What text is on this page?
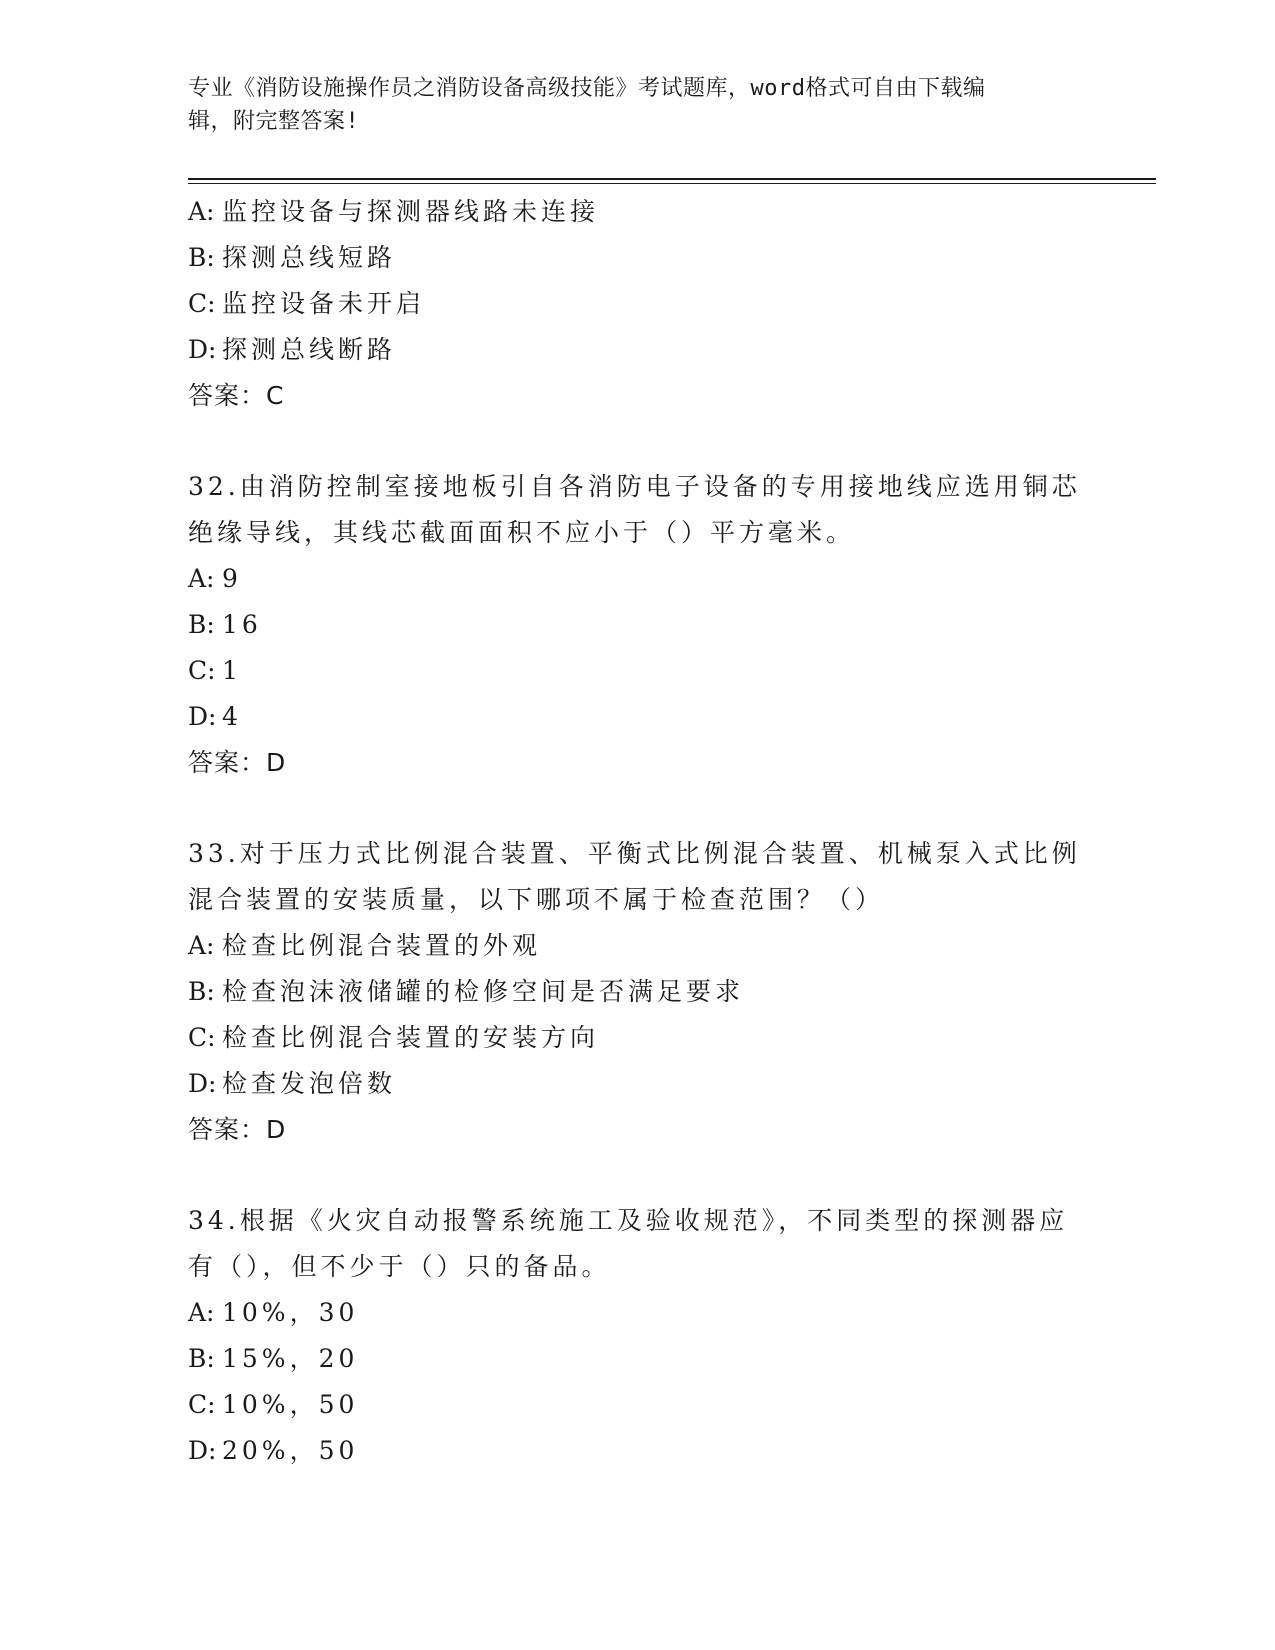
专业《消防设施操作员之消防设备高级技能》考试题库，word格式可自由下载编
辑，附完整答案!
A: 监控设备与探测器线路未连接
B: 探测总线短路
C: 监控设备未开启
D: 探测总线断路
答案：C
32.由消防控制室接地板引自各消防电子设备的专用接地线应选用铜芯
绝缘导线，其线芯截面面积不应小于（）平方毫米。
A: 9
B: 16
C: 1
D: 4
答案：D
33.对于压力式比例混合装置、平衡式比例混合装置、机械泵入式比例
混合装置的安装质量，以下哪项不属于检查范围？（）
A: 检查比例混合装置的外观
B: 检查泡沫液储罐的检修空间是否满足要求
C: 检查比例混合装置的安装方向
D: 检查发泡倍数
答案：D
34.根据《火灾自动报警系统施工及验收规范》，不同类型的探测器应
有（），但不少于（）只的备品。
A: 10%，30
B: 15%，20
C: 10%，50
D: 20%，50
